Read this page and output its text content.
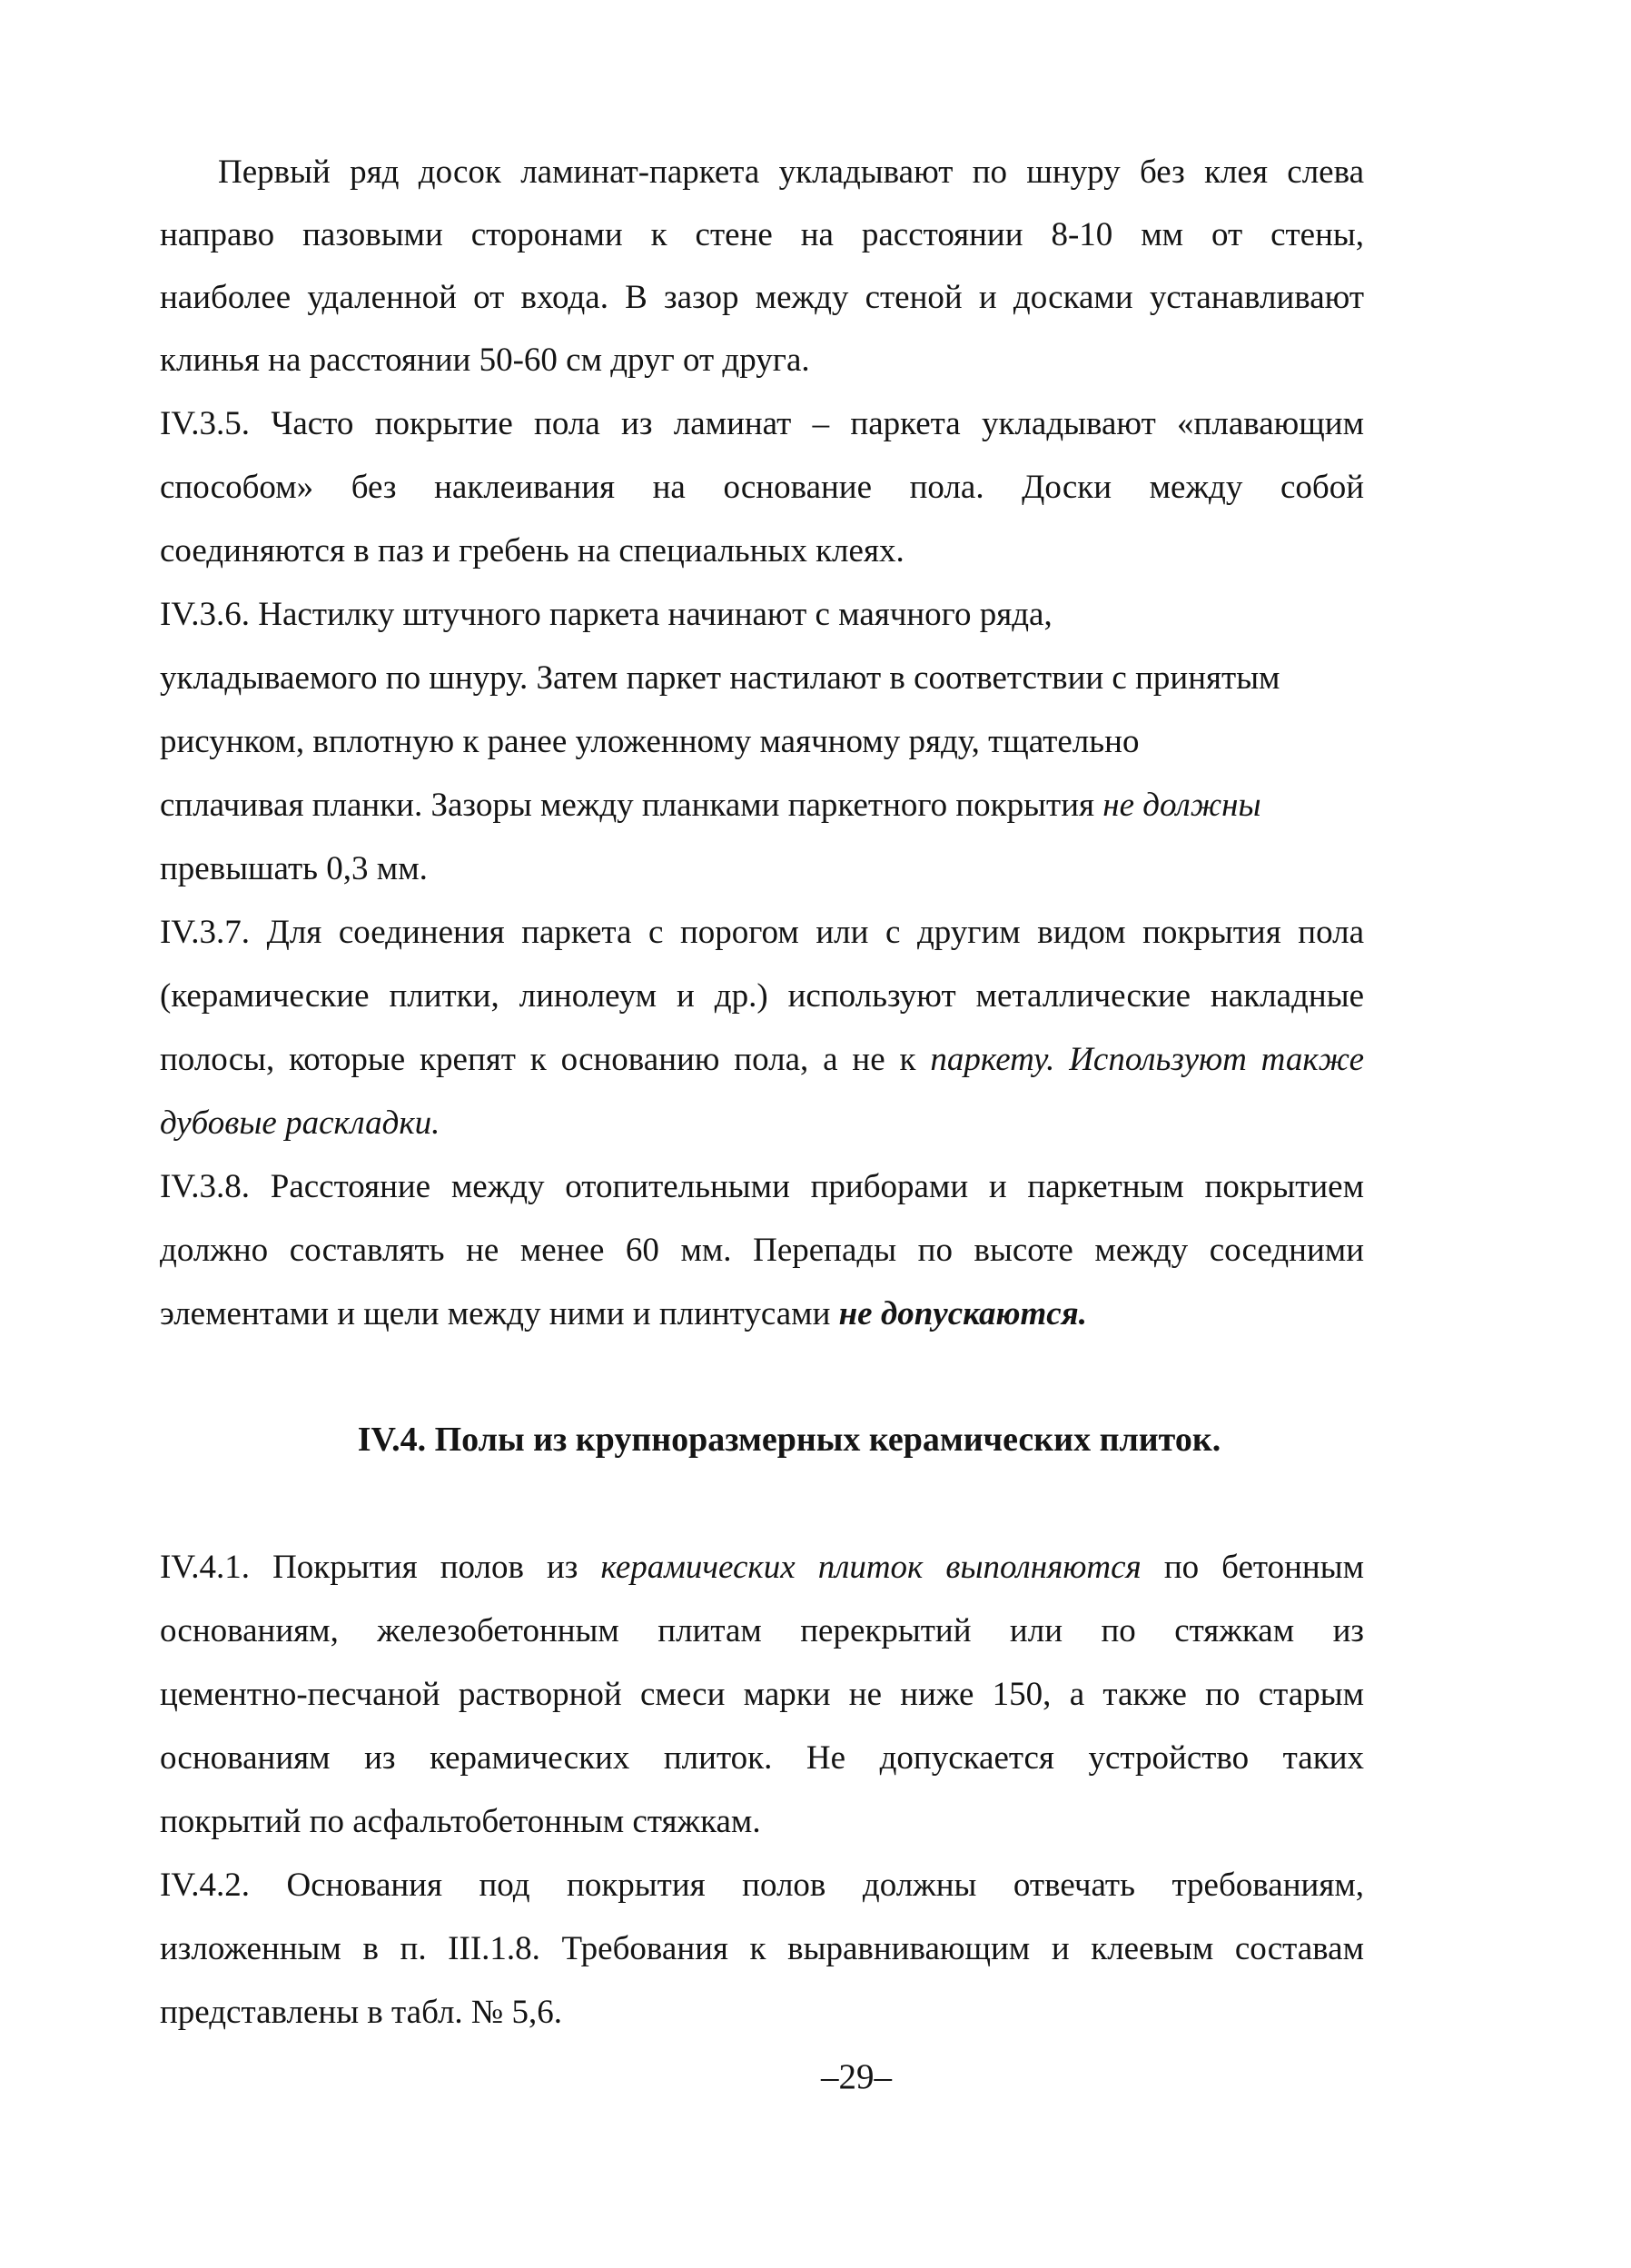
Первый ряд досок ламинат-паркета укладывают по шнуру без клея слева
направо пазовыми сторонами к стене на расстоянии 8-10 мм от стены,
наиболее удаленной от входа. В зазор между стеной и досками устанавливают
клинья на расстоянии 50-60 см друг от друга.
IV.3.5. Часто покрытие пола из ламинат – паркета укладывают «плавающим
способом» без наклеивания на основание пола. Доски между собой
соединяются в паз и гребень на специальных клеях.
IV.3.6. Настилку штучного паркета начинают с маячного ряда,
укладываемого по шнуру. Затем паркет настилают в соответствии с принятым
рисунком, вплотную к ранее уложенному маячному ряду, тщательно
сплачивая планки. Зазоры между планками паркетного покрытия не должны
превышать 0,3 мм.
IV.3.7. Для соединения паркета с порогом или с другим видом покрытия пола
(керамические плитки, линолеум и др.) используют металлические накладные
полосы, которые крепят к основанию пола, а не к паркету. Используют также
дубовые раскладки.
IV.3.8. Расстояние между отопительными приборами и паркетным покрытием
должно составлять не менее 60 мм. Перепады по высоте между соседними
элементами и щели между ними и плинтусами не допускаются.
IV.4. Полы из крупноразмерных керамических плиток.
IV.4.1. Покрытия полов из керамических плиток выполняются по бетонным
основаниям, железобетонным плитам перекрытий или по стяжкам из
цементно-песчаной растворной смеси марки не ниже 150, а также по старым
основаниям из керамических плиток. Не допускается устройство таких
покрытий по асфальтобетонным стяжкам.
IV.4.2. Основания под покрытия полов должны отвечать требованиям,
изложенным в п. III.1.8. Требования к выравнивающим и клеевым составам
представлены в табл. № 5,6.
–29–
